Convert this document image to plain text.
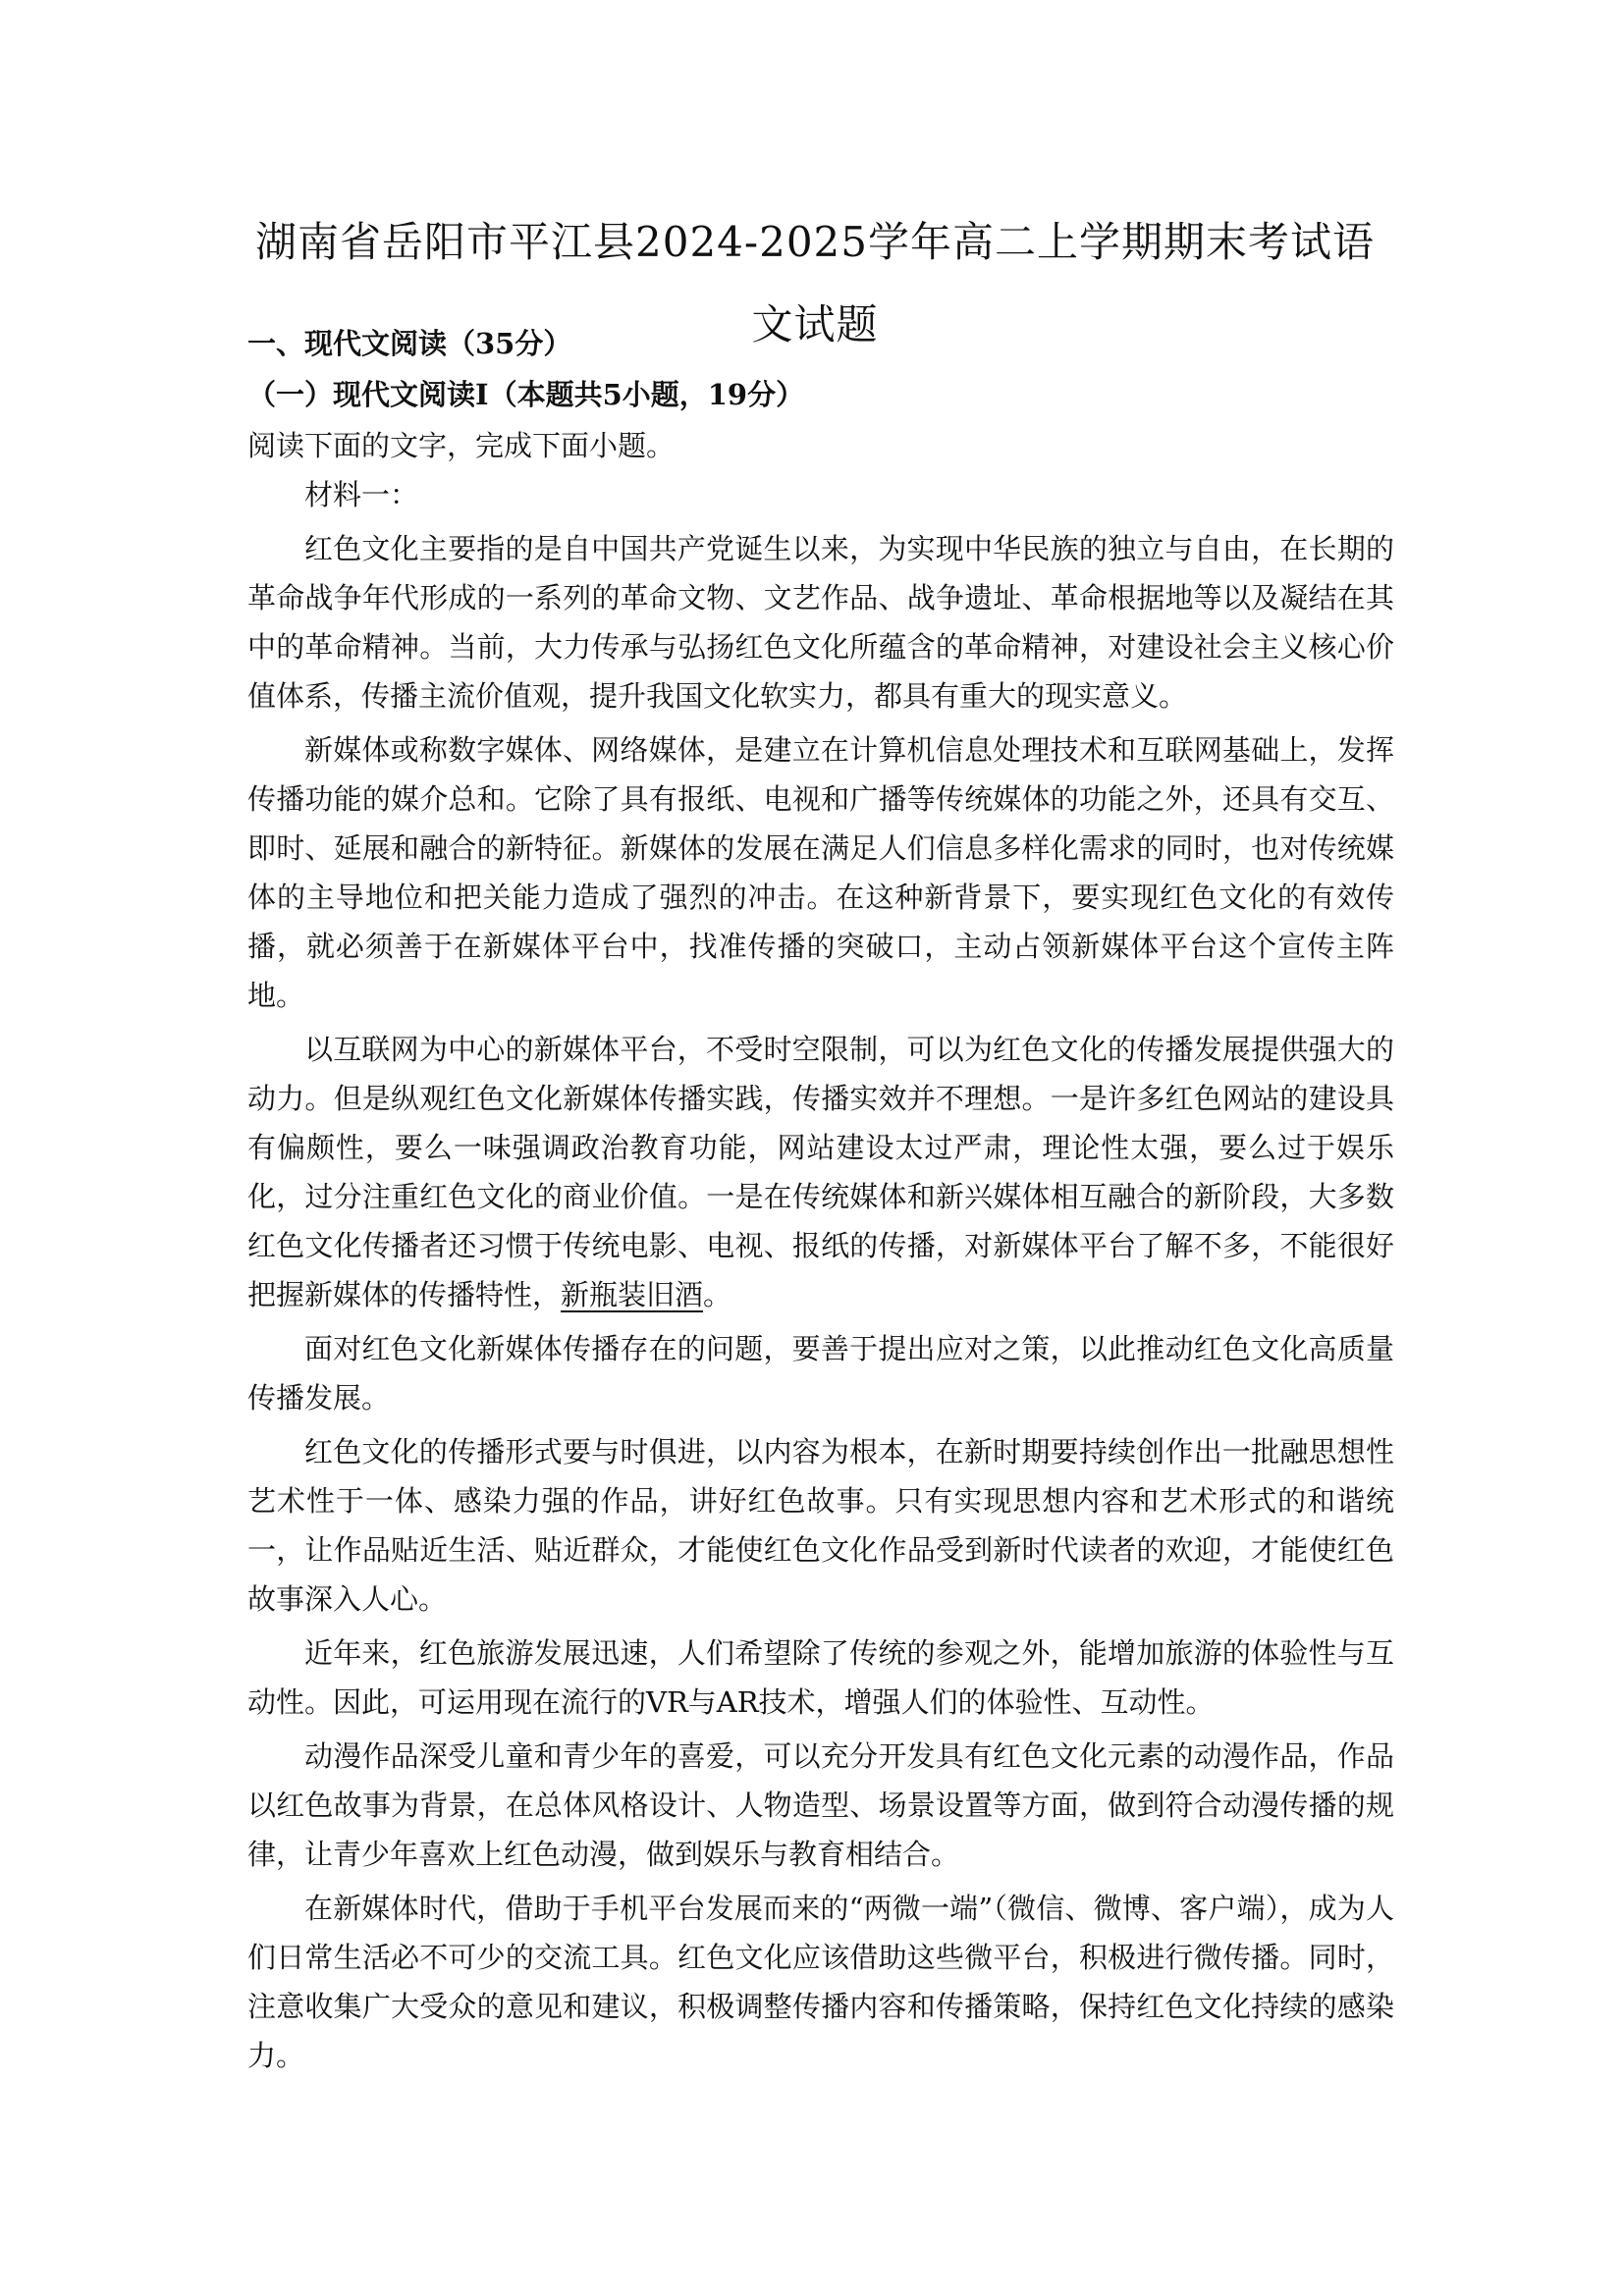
湖南省岳阳市平江县2024-2025学年高二上学期期末考试语文试题
一、现代文阅读（35分）
（一）现代文阅读Ⅰ（本题共5小题，19分）
阅读下面的文字，完成下面小题。
材料一：
红色文化主要指的是自中国共产党诞生以来，为实现中华民族的独立与自由，在长期的革命战争年代形成的一系列的革命文物、文艺作品、战争遗址、革命根据地等以及凝结在其中的革命精神。当前，大力传承与弘扬红色文化所蕴含的革命精神，对建设社会主义核心价值体系，传播主流价值观，提升我国文化软实力，都具有重大的现实意义。
新媒体或称数字媒体、网络媒体，是建立在计算机信息处理技术和互联网基础上，发挥传播功能的媒介总和。它除了具有报纸、电视和广播等传统媒体的功能之外，还具有交互、即时、延展和融合的新特征。新媒体的发展在满足人们信息多样化需求的同时，也对传统媒体的主导地位和把关能力造成了强烈的冲击。在这种新背景下，要实现红色文化的有效传播，就必须善于在新媒体平台中，找准传播的突破口，主动占领新媒体平台这个宣传主阵地。
以互联网为中心的新媒体平台，不受时空限制，可以为红色文化的传播发展提供强大的动力。但是纵观红色文化新媒体传播实践，传播实效并不理想。一是许多红色网站的建设具有偏颇性，要么一味强调政治教育功能，网站建设太过严肃，理论性太强，要么过于娱乐化，过分注重红色文化的商业价值。一是在传统媒体和新兴媒体相互融合的新阶段，大多数红色文化传播者还习惯于传统电影、电视、报纸的传播，对新媒体平台了解不多，不能很好把握新媒体的传播特性，新瓶装旧酒。
面对红色文化新媒体传播存在的问题，要善于提出应对之策，以此推动红色文化高质量传播发展。
红色文化的传播形式要与时俱进，以内容为根本，在新时期要持续创作出一批融思想性艺术性于一体、感染力强的作品，讲好红色故事。只有实现思想内容和艺术形式的和谐统一，让作品贴近生活、贴近群众，才能使红色文化作品受到新时代读者的欢迎，才能使红色故事深入人心。
近年来，红色旅游发展迅速，人们希望除了传统的参观之外，能增加旅游的体验性与互动性。因此，可运用现在流行的VR与AR技术，增强人们的体验性、互动性。
动漫作品深受儿童和青少年的喜爱，可以充分开发具有红色文化元素的动漫作品，作品以红色故事为背景，在总体风格设计、人物造型、场景设置等方面，做到符合动漫传播的规律，让青少年喜欢上红色动漫，做到娱乐与教育相结合。
在新媒体时代，借助于手机平台发展而来的“两微一端”（微信、微博、客户端），成为人们日常生活必不可少的交流工具。红色文化应该借助这些微平台，积极进行微传播。同时，注意收集广大受众的意见和建议，积极调整传播内容和传播策略，保持红色文化持续的感染力。
